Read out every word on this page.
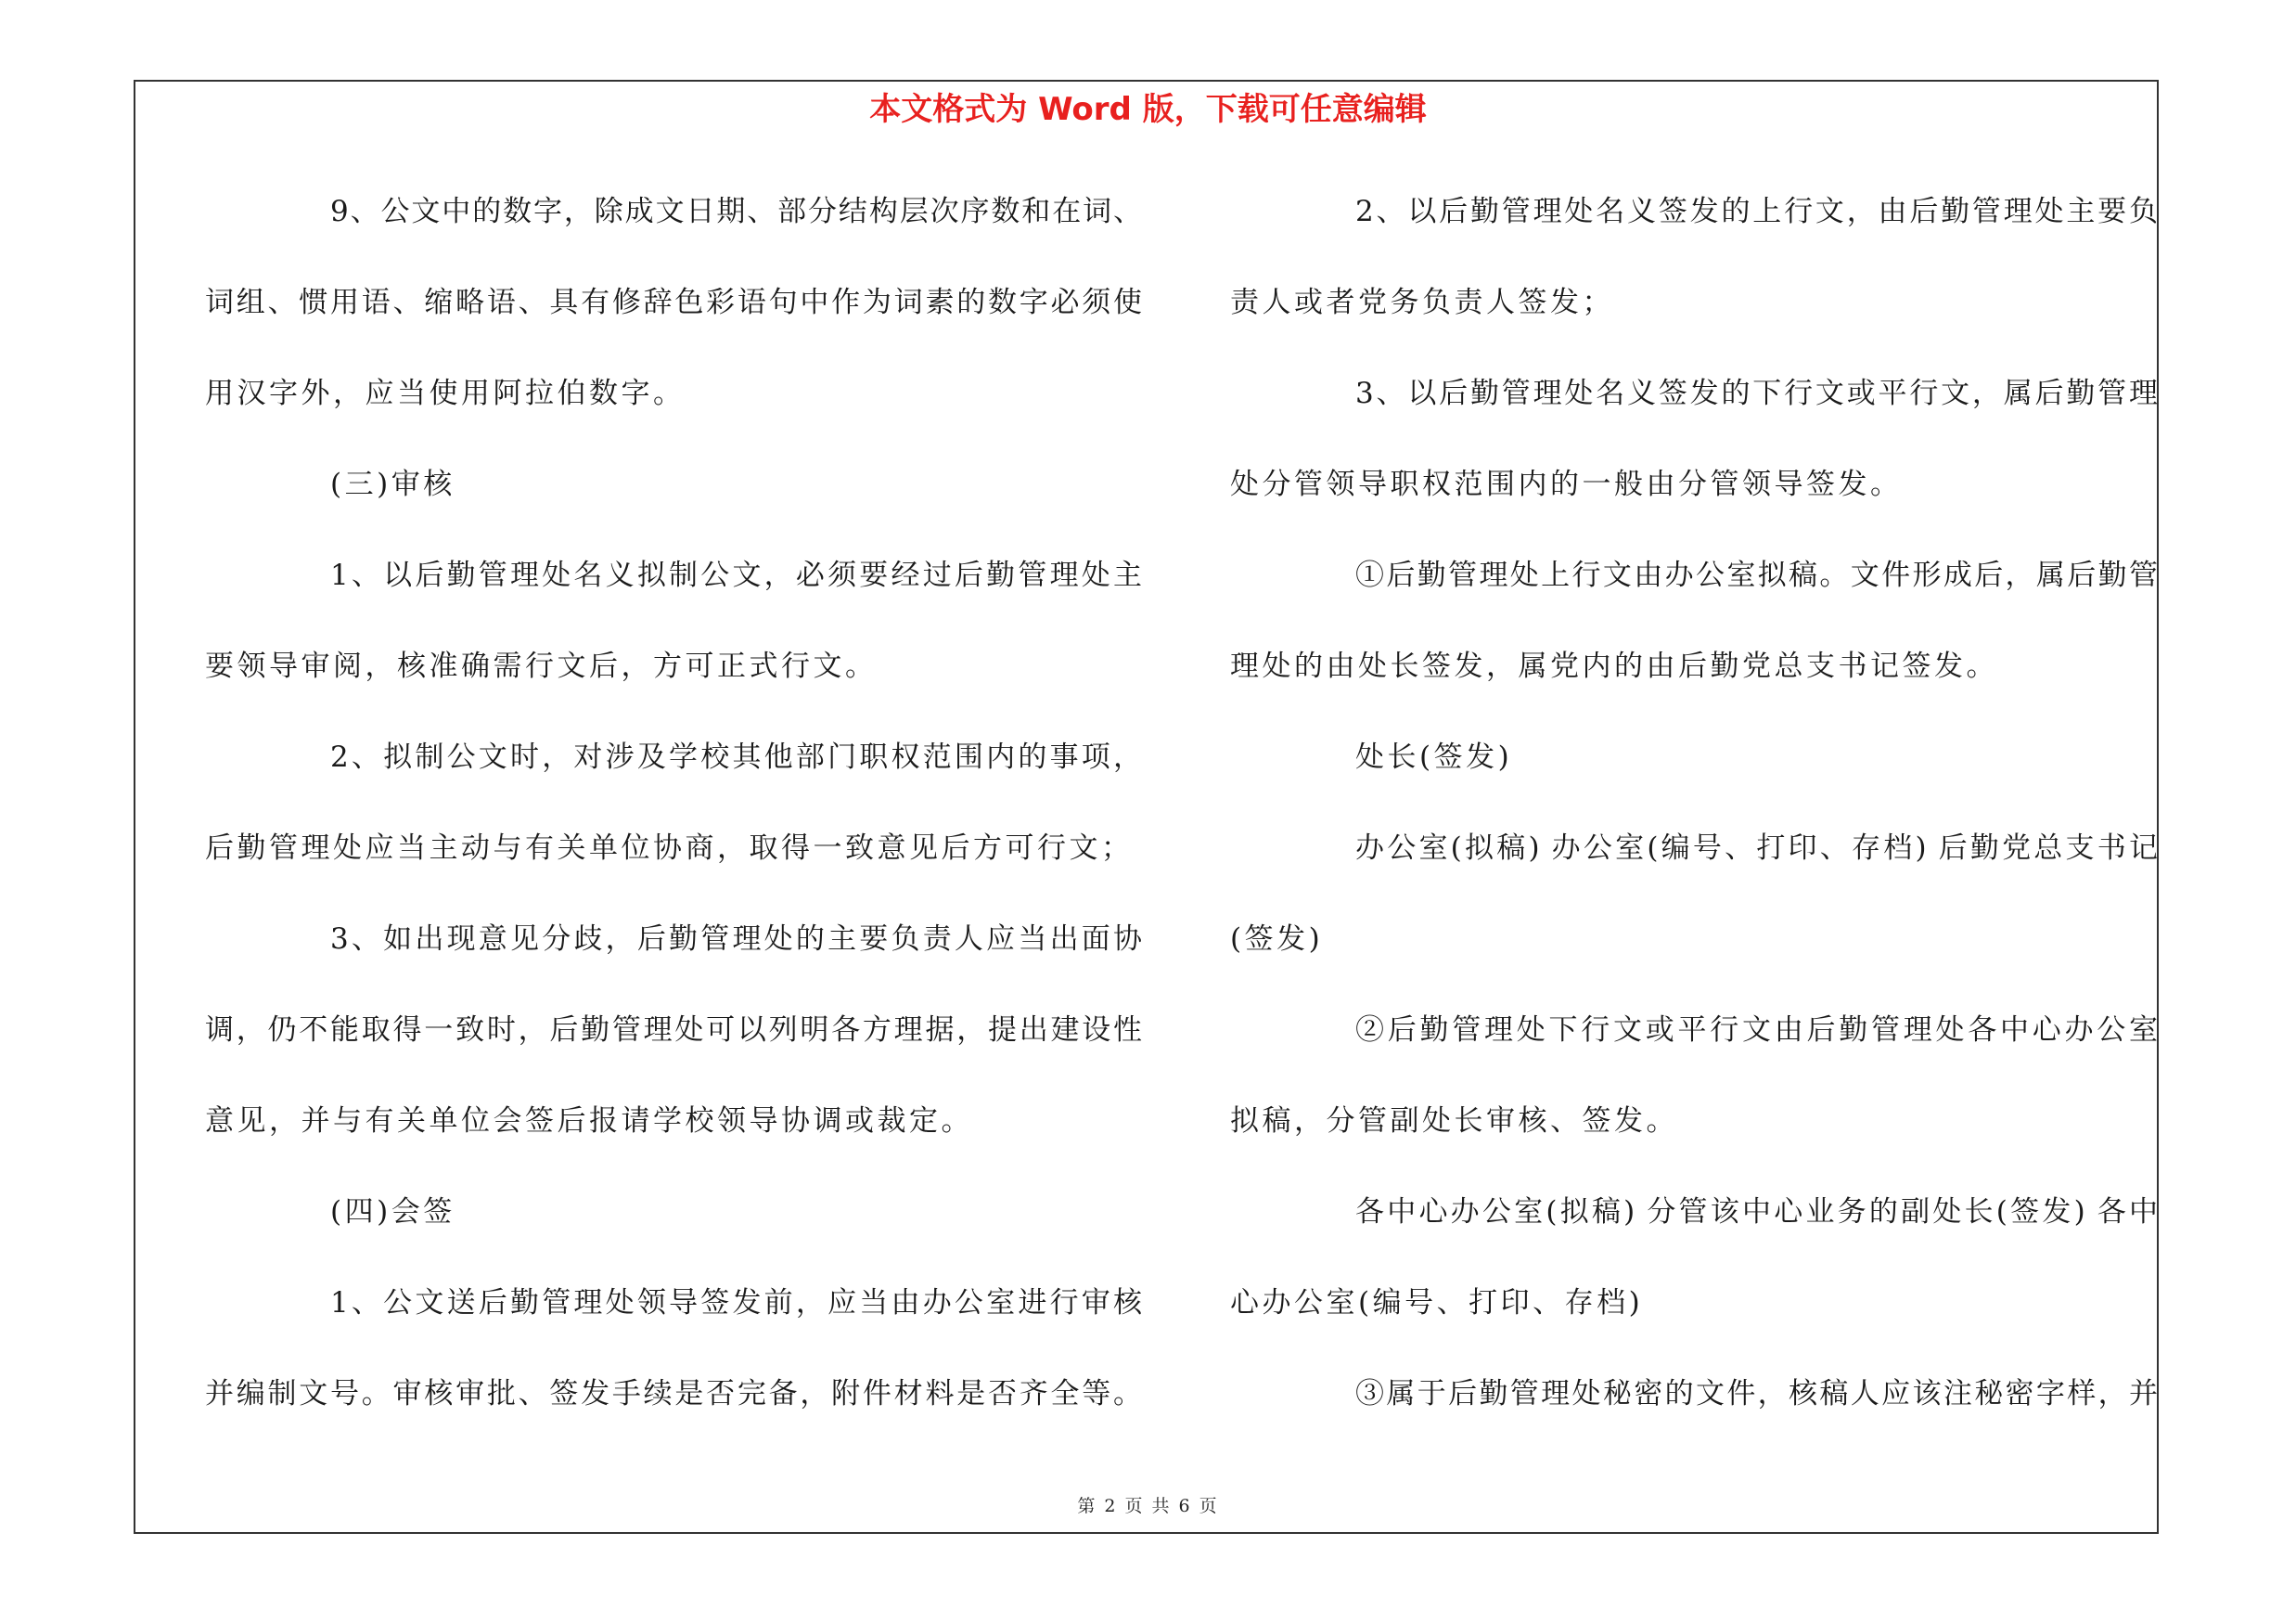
本文格式为 Word 版，下载可任意编辑
9、公文中的数字，除成文日期、部分结构层次序数和在词、
词组、惯用语、缩略语、具有修辞色彩语句中作为词素的数字必须使
用汉字外，应当使用阿拉伯数字。
(三)审核
1、以后勤管理处名义拟制公文，必须要经过后勤管理处主
要领导审阅，核准确需行文后，方可正式行文。
2、拟制公文时，对涉及学校其他部门职权范围内的事项，
后勤管理处应当主动与有关单位协商，取得一致意见后方可行文；
3、如出现意见分歧，后勤管理处的主要负责人应当出面协
调，仍不能取得一致时，后勤管理处可以列明各方理据，提出建设性
意见，并与有关单位会签后报请学校领导协调或裁定。
(四)会签
1、公文送后勤管理处领导签发前，应当由办公室进行审核
并编制文号。审核审批、签发手续是否完备，附件材料是否齐全等。
2、以后勤管理处名义签发的上行文，由后勤管理处主要负
责人或者党务负责人签发；
3、以后勤管理处名义签发的下行文或平行文，属后勤管理
处分管领导职权范围内的一般由分管领导签发。
①后勤管理处上行文由办公室拟稿。文件形成后，属后勤管
理处的由处长签发，属党内的由后勤党总支书记签发。
处长(签发)
办公室(拟稿) 办公室(编号、打印、存档) 后勤党总支书记
(签发)
②后勤管理处下行文或平行文由后勤管理处各中心办公室
拟稿，分管副处长审核、签发。
各中心办公室(拟稿) 分管该中心业务的副处长(签发) 各中
心办公室(编号、打印、存档)
③属于后勤管理处秘密的文件，核稿人应该注秘密字样，并
第 2 页 共 6 页
